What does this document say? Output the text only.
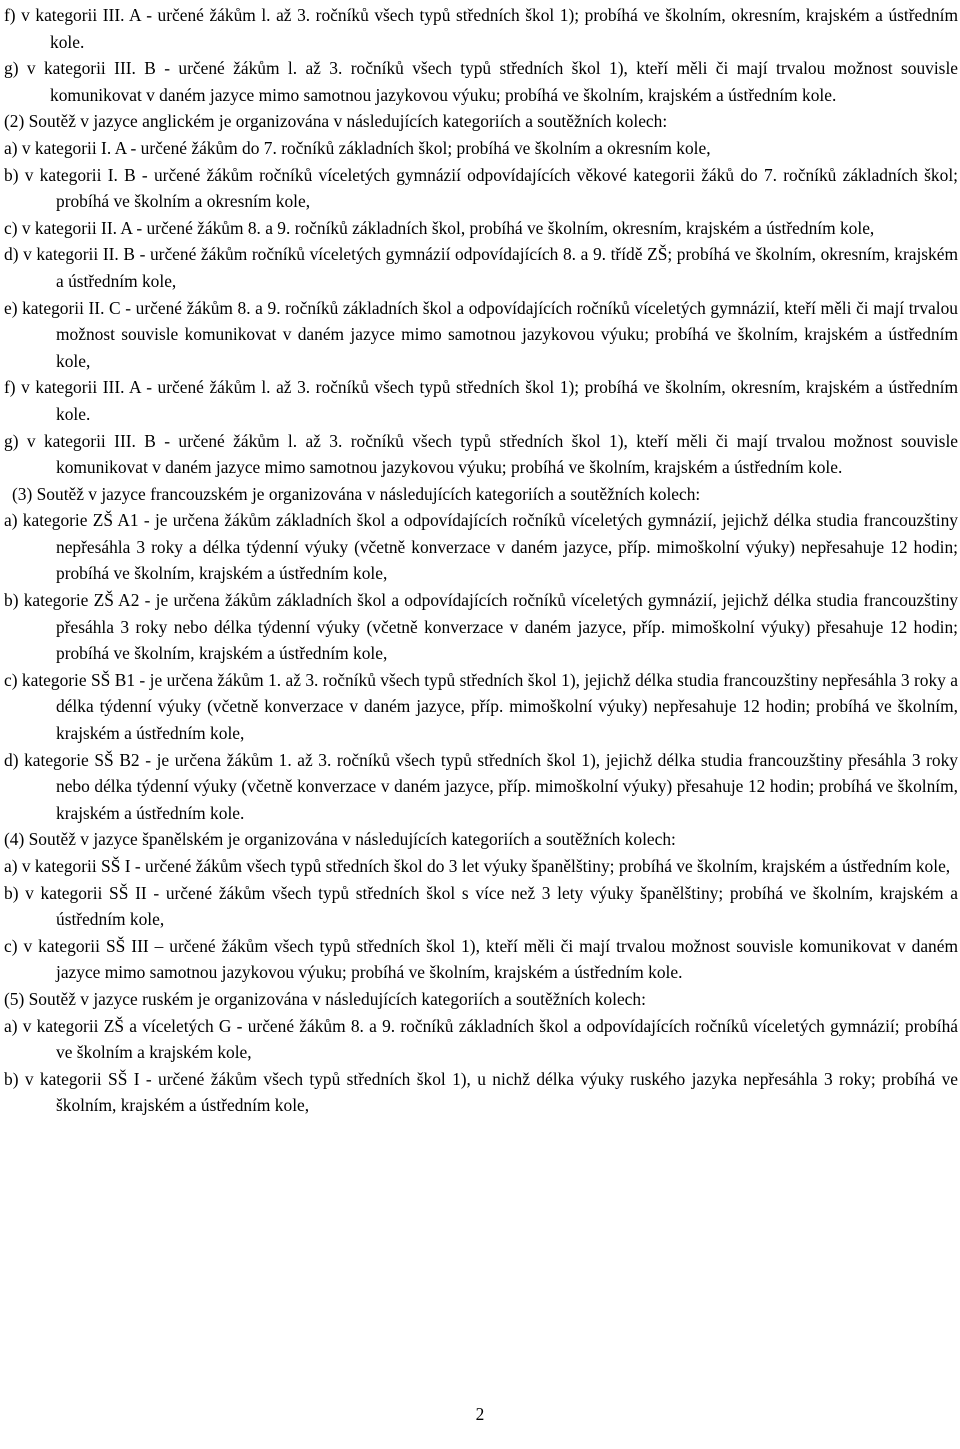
f) v kategorii III. A - určené žákům l. až 3. ročníků všech typů středních škol 1); probíhá ve školním, okresním, krajském a ústředním kole.

g) v kategorii III. B - určené žákům l. až 3. ročníků všech typů středních škol 1), kteří měli či mají trvalou možnost souvisle komunikovat v daném jazyce mimo samotnou jazykovou výuku; probíhá ve školním, krajském a ústředním kole.

(2) Soutěž v jazyce anglickém je organizována v následujících kategoriích a soutěžních kolech:

a) v kategorii I. A - určené žákům do 7. ročníků základních škol; probíhá ve školním a okresním kole,

b) v kategorii I. B - určené žákům ročníků víceletých gymnázií odpovídajících věkové kategorii žáků do 7. ročníků základních škol; probíhá ve školním a okresním kole,

c) v kategorii II. A - určené žákům 8. a 9. ročníků základních škol, probíhá ve školním, okresním, krajském a ústředním kole,

d) v kategorii II. B - určené žákům ročníků víceletých gymnázií odpovídajících 8. a 9. třídě ZŠ; probíhá ve školním, okresním, krajském a ústředním kole,

e) kategorii II. C - určené žákům 8. a 9. ročníků základních škol a odpovídajících ročníků víceletých gymnázií, kteří měli či mají trvalou možnost souvisle komunikovat v daném jazyce mimo samotnou jazykovou výuku; probíhá ve školním, krajském a ústředním kole,

f) v kategorii III. A - určené žákům l. až 3. ročníků všech typů středních škol 1); probíhá ve školním, okresním, krajském a ústředním kole.

g) v kategorii III. B - určené žákům l. až 3. ročníků všech typů středních škol 1), kteří měli či mají trvalou možnost souvisle komunikovat v daném jazyce mimo samotnou jazykovou výuku; probíhá ve školním, krajském a ústředním kole.

(3) Soutěž v jazyce francouzském je organizována v následujících kategoriích a soutěžních kolech:

a) kategorie ZŠ A1 - je určena žákům základních škol a odpovídajících ročníků víceletých gymnázií, jejichž délka studia francouzštiny nepřesáhla 3 roky a délka týdenní výuky (včetně konverzace v daném jazyce, příp. mimoškolní výuky) nepřesahuje 12 hodin; probíhá ve školním, krajském a ústředním kole,

b) kategorie ZŠ A2 - je určena žákům základních škol a odpovídajících ročníků víceletých gymnázií, jejichž délka studia francouzštiny přesáhla 3 roky nebo délka týdenní výuky (včetně konverzace v daném jazyce, příp. mimoškolní výuky) přesahuje 12 hodin; probíhá ve školním, krajském a ústředním kole,

c) kategorie SŠ B1 - je určena žákům 1. až 3. ročníků všech typů středních škol 1), jejichž délka studia francouzštiny nepřesáhla 3 roky a délka týdenní výuky (včetně konverzace v daném jazyce, příp. mimoškolní výuky) nepřesahuje 12 hodin; probíhá ve školním, krajském a ústředním kole,

d) kategorie SŠ B2 - je určena žákům 1. až 3. ročníků všech typů středních škol 1), jejichž délka studia francouzštiny přesáhla 3 roky nebo délka týdenní výuky (včetně konverzace v daném jazyce, příp. mimoškolní výuky) přesahuje 12 hodin; probíhá ve školním, krajském a ústředním kole.

(4) Soutěž v jazyce španělském je organizována v následujících kategoriích a soutěžních kolech:

a) v kategorii SŠ I - určené žákům všech typů středních škol do 3 let výuky španělštiny; probíhá ve školním, krajském a ústředním kole,

b) v kategorii SŠ II - určené žákům všech typů středních škol s více než 3 lety výuky španělštiny; probíhá ve školním, krajském a ústředním kole,

c) v kategorii SŠ III – určené žákům všech typů středních škol 1), kteří měli či mají trvalou možnost souvisle komunikovat v daném jazyce mimo samotnou jazykovou výuku; probíhá ve školním, krajském a ústředním kole.

(5) Soutěž v jazyce ruském je organizována v následujících kategoriích a soutěžních kolech:

a) v kategorii ZŠ a víceletých G - určené žákům 8. a 9. ročníků základních škol a odpovídajících ročníků víceletých gymnázií; probíhá ve školním a krajském kole,

b) v kategorii SŠ I - určené žákům všech typů středních škol 1), u nichž délka výuky ruského jazyka nepřesáhla 3 roky; probíhá ve školním, krajském a ústředním kole,

2
